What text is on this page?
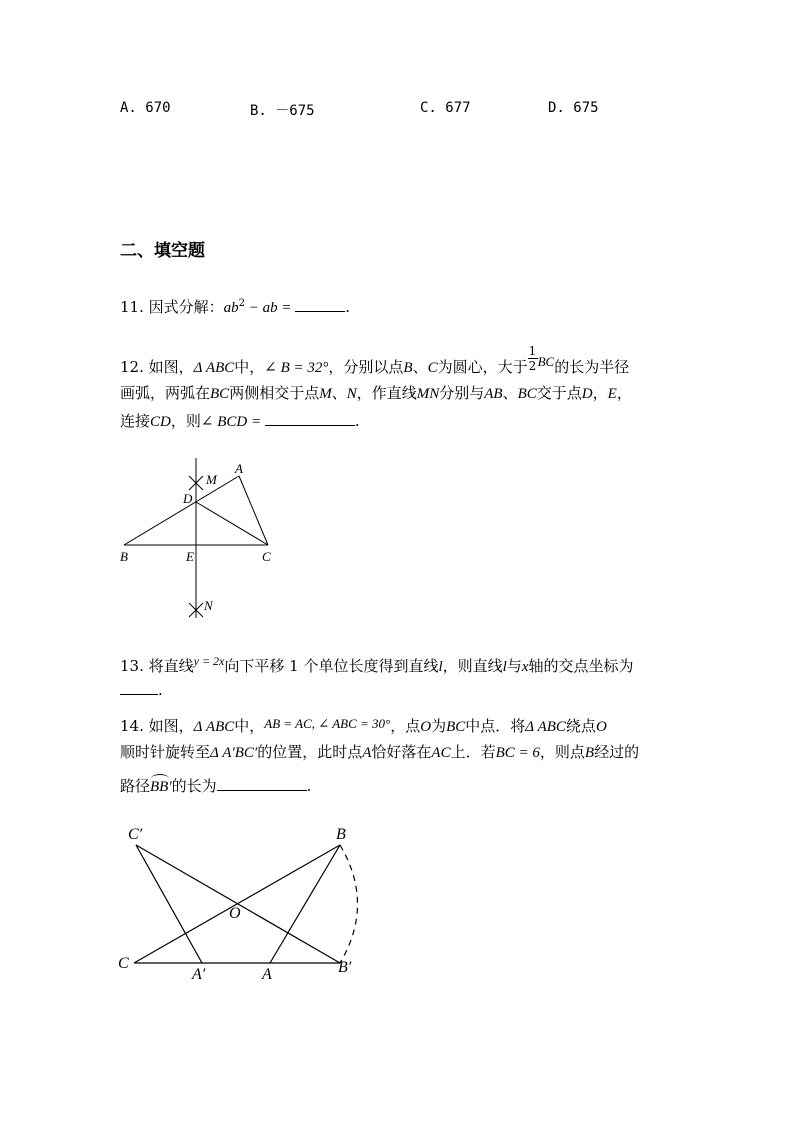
A. 670	B. －675	C. 677	D. 675
二、填空题
11. 因式分解：$ab^2$ − ab =	.
12. 如图，Δ ABC中，∠ B = 32°，分别以点B、C为圆心，大于 $\frac{1}{2}$ BC的长为半径
画弧，两弧在BC两侧相交于点M、N，作直线MN分别与AB、BC交于点D，E，
连接CD，则∠ BCD =	.
A
M
D
B	E	C
N
13. 将直线$^{y = 2x}$向下平移 1 个单位长度得到直线l，则直线l与x轴的交点坐标为
.
14. 如图，Δ ABC中，AB = AC, ∠ ABC = 30°，点O为BC中点．将Δ ABC绕点O
顺时针旋转至Δ A′BC′的位置，此时点A恰好落在AC上．若BC = 6，则点B经过的
路径
BB′的长为	.
C′	B
O
C
A′	A	B′
